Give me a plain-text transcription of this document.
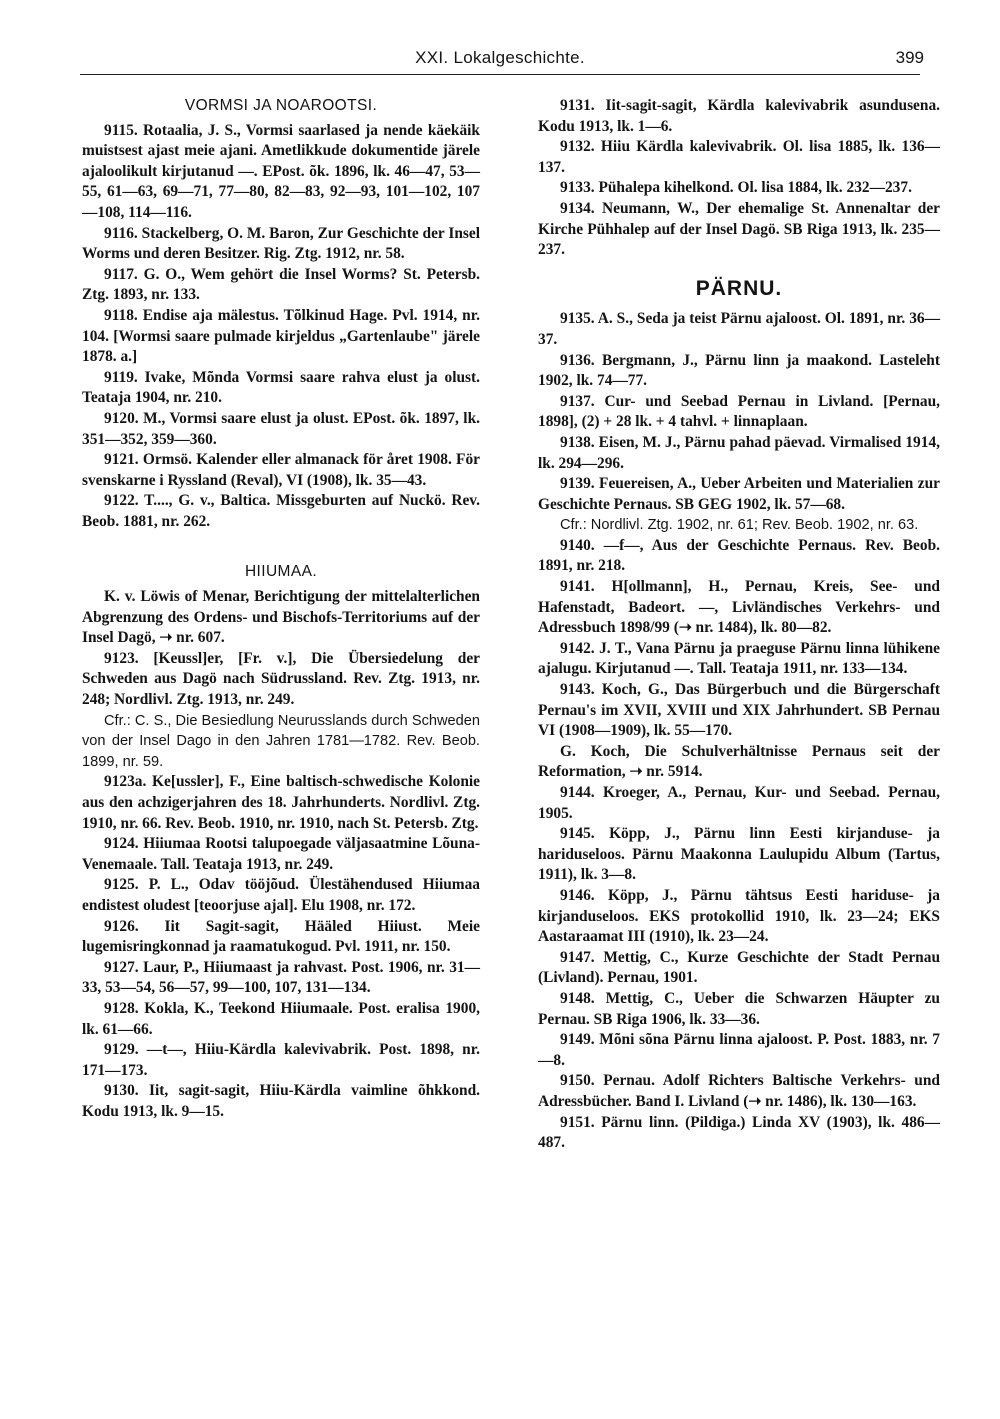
XXI. Lokalgeschichte.	399
VORMSI JA NOAROOTSI.

9115. Rotaalia, J. S., Vormsi saarlased ja nende käekäik muistsest ajast meie ajani. Ametlikkude dokumentide järele ajaloolikult kirjutanud —. EPost. õk. 1896, lk. 46—47, 53—55, 61—63, 69—71, 77—80, 82—83, 92—93, 101—102, 107—108, 114—116.

9116. Stackelberg, O. M. Baron, Zur Geschichte der Insel Worms und deren Besitzer. Rig. Ztg. 1912, nr. 58.

9117. G. O., Wem gehört die Insel Worms? St. Petersb. Ztg. 1893, nr. 133.

9118. Endise aja mälestus. Tõlkinud Hage. Pvl. 1914, nr. 104. [Wormsi saare pulmade kirjeldus „Gartenlaube" järele 1878. a.]

9119. Ivake, Mõnda Vormsi saare rahva elust ja olust. Teataja 1904, nr. 210.

9120. M., Vormsi saare elust ja olust. EPost. õk. 1897, lk. 351—352, 359—360.

9121. Ormsö. Kalender eller almanack för året 1908. För svenskarne i Ryssland (Reval), VI (1908), lk. 35—43.

9122. T...., G. v., Baltica. Missgeburten auf Nuckö. Rev. Beob. 1881, nr. 262.

HIIUMAA.

K. v. Löwis of Menar, Berichtigung der mittelalterlichen Abgrenzung des Ordens- und Bischofs-Territoriums auf der Insel Dagö, ➝ nr. 607.

9123. [Keussl]er, [Fr. v.], Die Übersiedelung der Schweden aus Dagö nach Südrussland. Rev. Ztg. 1913, nr. 248; Nordlivl. Ztg. 1913, nr. 249.

Cfr.: C. S., Die Besiedlung Neurusslands durch Schweden von der Insel Dago in den Jahren 1781—1782. Rev. Beob. 1899, nr. 59.

9123a. Ke[ussler], F., Eine baltisch-schwedische Kolonie aus den achzigerjahren des 18. Jahrhunderts. Nordlivl. Ztg. 1910, nr. 66. Rev. Beob. 1910, nr. 1910, nach St. Petersb. Ztg.

9124. Hiiumaa Rootsi talupoegade väljasaatmine Lõuna-Venemaale. Tall. Teataja 1913, nr. 249.

9125. P. L., Odav tööjõud. Ülestähendused Hiiumaa endistest oludest [teoorjuse ajal]. Elu 1908, nr. 172.

9126. Iit Sagit-sagit, Hääled Hiiust. Meie lugemisringkonnad ja raamatukogud. Pvl. 1911, nr. 150.

9127. Laur, P., Hiiumaast ja rahvast. Post. 1906, nr. 31—33, 53—54, 56—57, 99—100, 107, 131—134.

9128. Kokla, K., Teekond Hiiumaale. Post. eralisa 1900, lk. 61—66.

9129. —t—, Hiiu-Kärdla kalevivabrik. Post. 1898, nr. 171—173.

9130. Iit, sagit-sagit, Hiiu-Kärdla vaimline õhkkond. Kodu 1913, lk. 9—15.

9131. Iit-sagit-sagit, Kärdla kalevivabrik asundusena. Kodu 1913, lk. 1—6.

9132. Hiiu Kärdla kalevivabrik. Ol. lisa 1885, lk. 136—137.

9133. Pühalepa kihelkond. Ol. lisa 1884, lk. 232—237.

9134. Neumann, W., Der ehemalige St. Annenaltar der Kirche Pühhalep auf der Insel Dagö. SB Riga 1913, lk. 235—237.

PÄRNU.

9135. A. S., Seda ja teist Pärnu ajaloost. Ol. 1891, nr. 36—37.

9136. Bergmann, J., Pärnu linn ja maakond. Lasteleht 1902, lk. 74—77.

9137. Cur- und Seebad Pernau in Livland. [Pernau, 1898], (2) + 28 lk. + 4 tahvl. + linnaplaan.

9138. Eisen, M. J., Pärnu pahad päevad. Virmalised 1914, lk. 294—296.

9139. Feuereisen, A., Ueber Arbeiten und Materialien zur Geschichte Pernaus. SB GEG 1902, lk. 57—68.

Cfr.: Nordlivl. Ztg. 1902, nr. 61; Rev. Beob. 1902, nr. 63.

9140. —f—, Aus der Geschichte Pernaus. Rev. Beob. 1891, nr. 218.

9141. H[ollmann], H., Pernau, Kreis, See- und Hafenstadt, Badeort. —, Livländisches Verkehrs- und Adressbuch 1898/99 (➝ nr. 1484), lk. 80—82.

9142. J. T., Vana Pärnu ja praeguse Pärnu linna lühikene ajalugu. Kirjutanud —. Tall. Teataja 1911, nr. 133—134.

9143. Koch, G., Das Bürgerbuch und die Bürgerschaft Pernau's im XVII, XVIII und XIX Jahrhundert. SB Pernau VI (1908—1909), lk. 55—170.

G. Koch, Die Schulverhältnisse Pernaus seit der Reformation, ➝ nr. 5914.

9144. Kroeger, A., Pernau, Kur- und Seebad. Pernau, 1905.

9145. Köpp, J., Pärnu linn Eesti kirjanduse- ja hariduseloos. Pärnu Maakonna Laulupidu Album (Tartus, 1911), lk. 3—8.

9146. Köpp, J., Pärnu tähtsus Eesti hariduse- ja kirjanduseloos. EKS protokollid 1910, lk. 23—24; EKS Aastaraamat III (1910), lk. 23—24.

9147. Mettig, C., Kurze Geschichte der Stadt Pernau (Livland). Pernau, 1901.

9148. Mettig, C., Ueber die Schwarzen Häupter zu Pernau. SB Riga 1906, lk. 33—36.

9149. Mõni sõna Pärnu linna ajaloost. P. Post. 1883, nr. 7—8.

9150. Pernau. Adolf Richters Baltische Verkehrs- und Adressbücher. Band I. Livland (➝ nr. 1486), lk. 130—163.

9151. Pärnu linn. (Pildiga.) Linda XV (1903), lk. 486—487.
